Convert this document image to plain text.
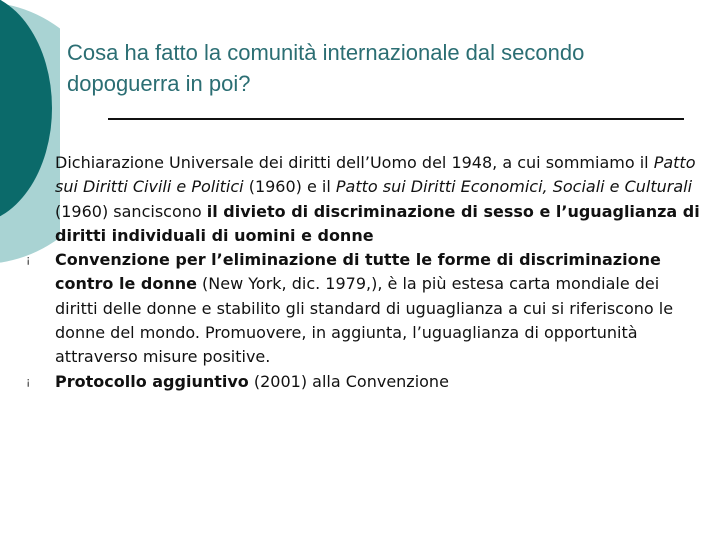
Cosa ha fatto la comunità internazionale dal secondo dopoguerra in poi?
Dichiarazione Universale dei diritti dell’Uomo del 1948, a cui sommiamo il Patto sui Diritti Civili e Politici (1960) e il Patto sui Diritti Economici, Sociali e Culturali (1960) sanciscono il divieto di discriminazione di sesso e l’uguaglianza di diritti individuali di uomini e donne
¡ Convenzione per l’eliminazione di tutte le forme di discriminazione contro le donne (New York, dic. 1979,), è la più estesa carta mondiale dei diritti delle donne e stabilito gli standard di uguaglianza a cui si riferiscono le donne del mondo. Promuovere, in aggiunta, l’uguaglianza di opportunità attraverso misure positive.
¡ Protocollo aggiuntivo (2001) alla Convenzione
